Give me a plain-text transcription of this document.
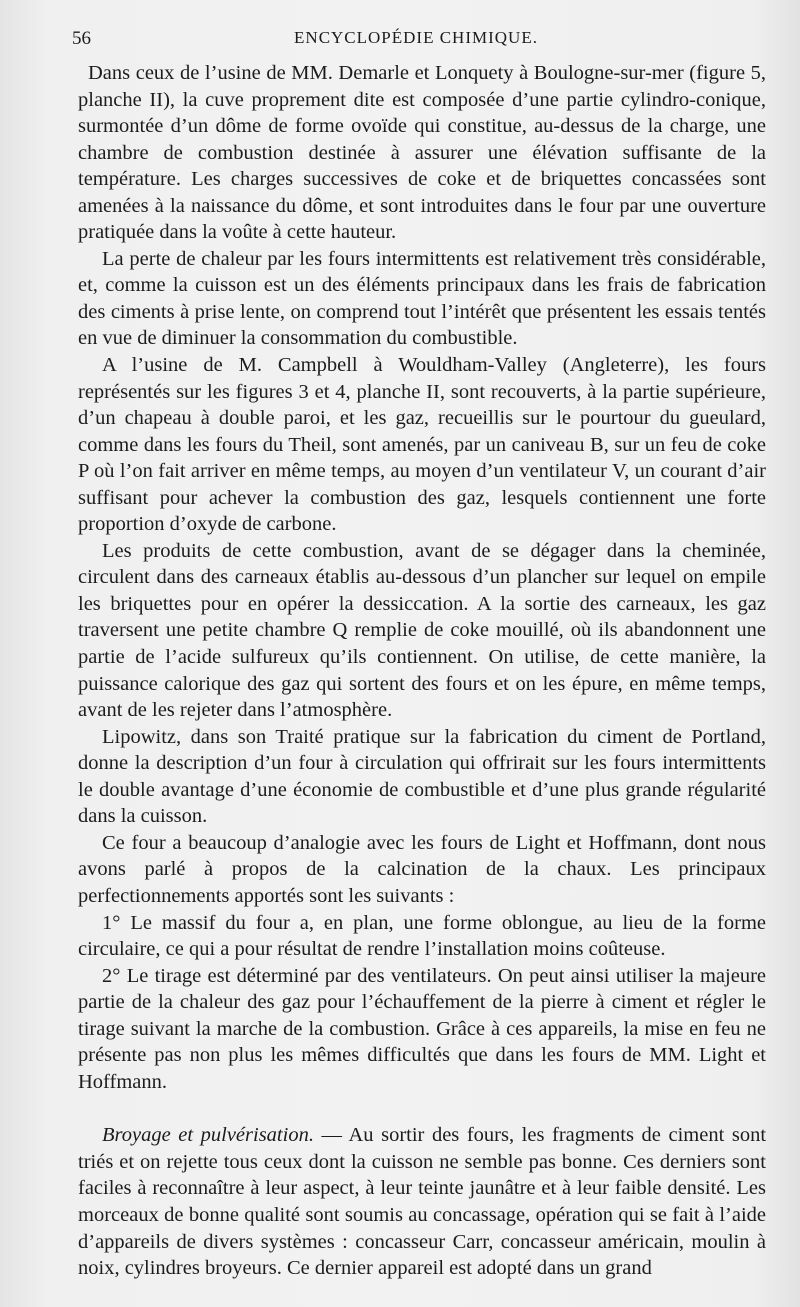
56	ENCYCLOPÉDIE CHIMIQUE.

Dans ceux de l’usine de MM. Demarle et Lonquety à Boulogne-sur-mer (figure 5, planche II), la cuve proprement dite est composée d’une partie cylindro-conique, surmontée d’un dôme de forme ovoïde qui constitue, au-dessus de la charge, une chambre de combustion destinée à assurer une élévation suffisante de la température. Les charges successives de coke et de briquettes concassées sont amenées à la naissance du dôme, et sont introduites dans le four par une ouverture pratiquée dans la voûte à cette hauteur.

La perte de chaleur par les fours intermittents est relativement très considérable, et, comme la cuisson est un des éléments principaux dans les frais de fabrication des ciments à prise lente, on comprend tout l’intérêt que présentent les essais tentés en vue de diminuer la consommation du combustible.

A l’usine de M. Campbell à Wouldham-Valley (Angleterre), les fours représentés sur les figures 3 et 4, planche II, sont recouverts, à la partie supérieure, d’un chapeau à double paroi, et les gaz, recueillis sur le pourtour du gueulard, comme dans les fours du Theil, sont amenés, par un caniveau B, sur un feu de coke P où l’on fait arriver en même temps, au moyen d’un ventilateur V, un courant d’air suffisant pour achever la combustion des gaz, lesquels contiennent une forte proportion d’oxyde de carbone.

Les produits de cette combustion, avant de se dégager dans la cheminée, circulent dans des carneaux établis au-dessous d’un plancher sur lequel on empile les briquettes pour en opérer la dessiccation. A la sortie des carneaux, les gaz traversent une petite chambre Q remplie de coke mouillé, où ils abandonnent une partie de l’acide sulfureux qu’ils contiennent. On utilise, de cette manière, la puissance calorique des gaz qui sortent des fours et on les épure, en même temps, avant de les rejeter dans l’atmosphère.

Lipowitz, dans son Traité pratique sur la fabrication du ciment de Portland, donne la description d’un four à circulation qui offrirait sur les fours intermittents le double avantage d’une économie de combustible et d’une plus grande régularité dans la cuisson.

Ce four a beaucoup d’analogie avec les fours de Light et Hoffmann, dont nous avons parlé à propos de la calcination de la chaux. Les principaux perfectionnements apportés sont les suivants :

1° Le massif du four a, en plan, une forme oblongue, au lieu de la forme circulaire, ce qui a pour résultat de rendre l’installation moins coûteuse.

2° Le tirage est déterminé par des ventilateurs. On peut ainsi utiliser la majeure partie de la chaleur des gaz pour l’échauffement de la pierre à ciment et régler le tirage suivant la marche de la combustion. Grâce à ces appareils, la mise en feu ne présente pas non plus les mêmes difficultés que dans les fours de MM. Light et Hoffmann.

Broyage et pulvérisation. — Au sortir des fours, les fragments de ciment sont triés et on rejette tous ceux dont la cuisson ne semble pas bonne. Ces derniers sont faciles à reconnaître à leur aspect, à leur teinte jaunâtre et à leur faible densité. Les morceaux de bonne qualité sont soumis au concassage, opération qui se fait à l’aide d’appareils de divers systèmes : concasseur Carr, concasseur américain, moulin à noix, cylindres broyeurs. Ce dernier appareil est adopté dans un grand
